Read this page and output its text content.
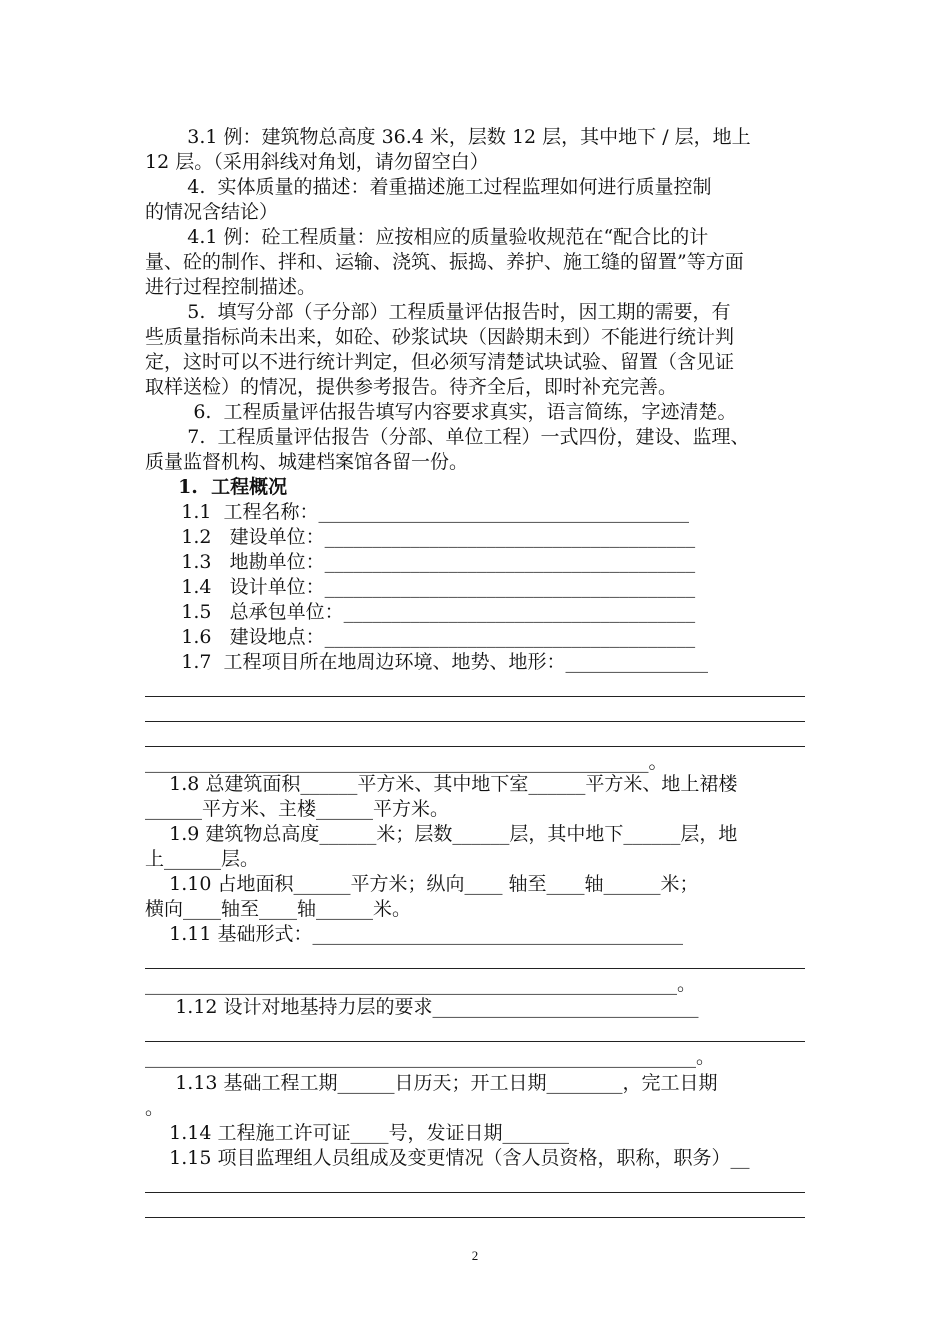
3.1 例：建筑物总高度 36.4 米，层数 12 层，其中地下 / 层，地上
12 层。（采用斜线对角划，请勿留空白）
4.  实体质量的描述：着重描述施工过程监理如何进行质量控制
的情况含结论）
4.1 例：砼工程质量：应按相应的质量验收规范在“配合比的计
量、砼的制作、拌和、运输、浇筑、振捣、养护、施工缝的留置”等方面
进行过程控制描述。
5.  填写分部（子分部）工程质量评估报告时，因工期的需要，有
些质量指标尚未出来，如砼、砂浆试块（因龄期未到）不能进行统计判
定，这时可以不进行统计判定，但必须写清楚试块试验、留置（含见证
取样送检）的情况，提供参考报告。待齐全后，即时补充完善。
6.  工程质量评估报告填写内容要求真实，语言简练，字迹清楚。
7.  工程质量评估报告（分部、单位工程）一式四份，建设、监理、
质量监督机构、城建档案馆各留一份。
1.  工程概况
1.1  工程名称：_______________________________________
1.2   建设单位：_______________________________________
1.3   地勘单位：_______________________________________
1.4   设计单位：_______________________________________
1.5   总承包单位：_____________________________________
1.6   建设地点：_______________________________________
1.7  工程项目所在地周边环境、地势、地形：_______________
_____________________________________________________。
1.8 总建筑面积______平方米、其中地下室______平方米、地上裙楼
______平方米、主楼______平方米。
1.9 建筑物总高度______米；层数______层，其中地下______层，地
上______层。
1.10 占地面积______平方米；纵向____ 轴至____轴______米；
横向____轴至____轴______米。
1.11 基础形式：_______________________________________
________________________________________________________。
1.12 设计对地基持力层的要求____________________________
__________________________________________________________。
1.13 基础工程工期______日历天；开工日期________，完工日期
。
1.14 工程施工许可证____号，发证日期_______
1.15 项目监理组人员组成及变更情况（含人员资格，职称，职务）__
2
